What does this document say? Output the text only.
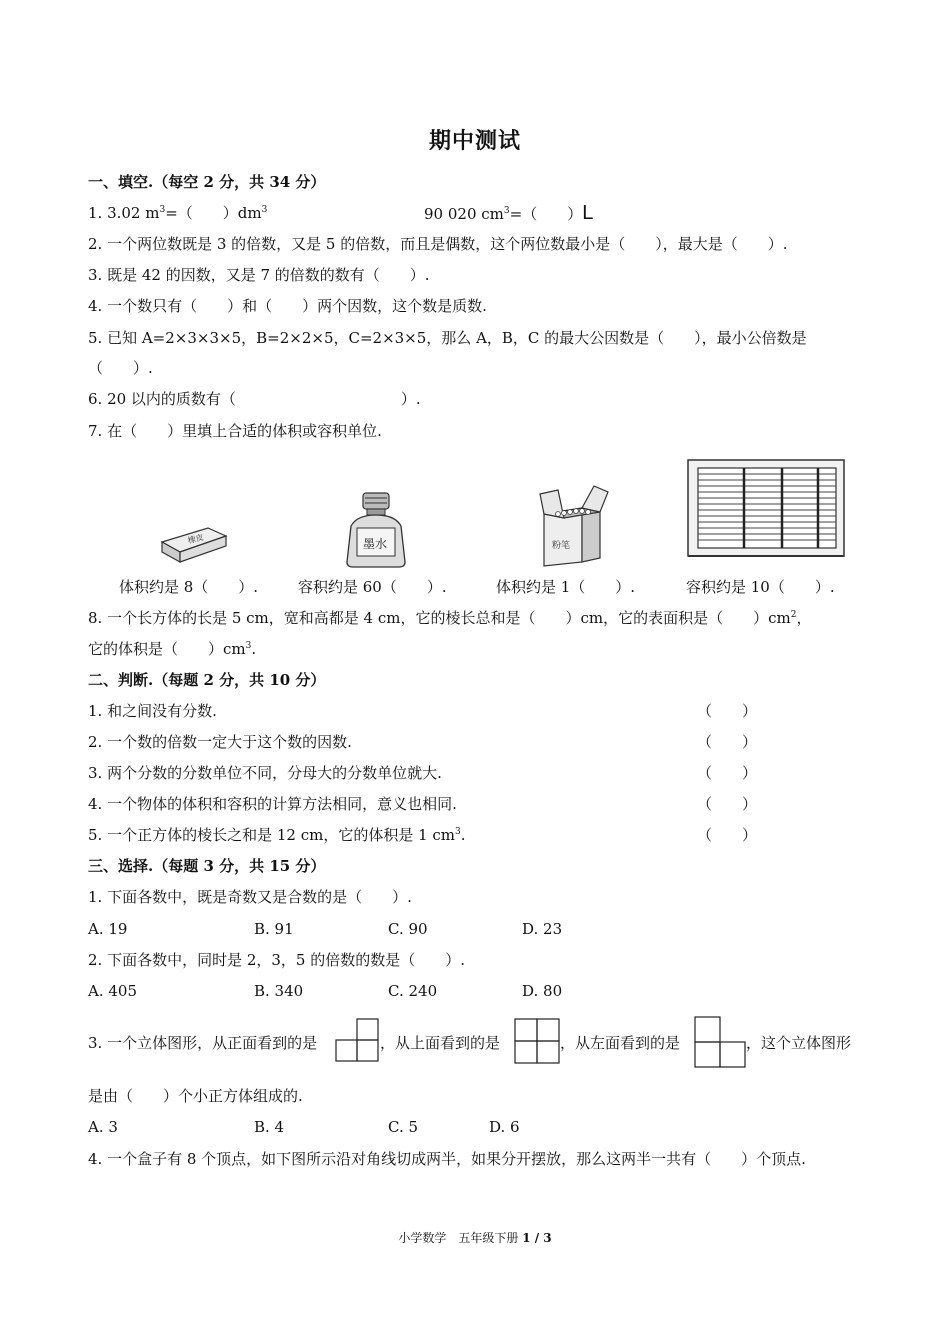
期中测试
一、填空.（每空 2 分，共 34 分）
1. 3.02 $m^3=$（　　）$dm^3$	90 020 $cm^3=$（　　）L
2. 一个两位数既是 3 的倍数，又是 5 的倍数，而且是偶数，这个两位数最小是（　　），最大是（　　）.
3. 既是 42 的因数，又是 7 的倍数的数有（　　）.
4. 一个数只有（　　）和（　　）两个因数，这个数是质数.
5. 已知 A=2×3×3×5，B=2×2×5，C=2×3×5，那么 A，B，C 的最大公因数是（　　），最小公倍数是
（　　）.
6. 20 以内的质数有（　　　　　　　　　　　）.
7. 在（　　）里填上合适的体积或容积单位.
橡皮	墨水	粉笔
体积约是 8（　　）.	容积约是 60（　　）.	体积约是 1（　　）.	容积约是 10（　　）.
8. 一个长方体的长是 5 cm，宽和高都是 4 cm，它的棱长总和是（　　）cm，它的表面积是（　　）$cm^2$，
它的体积是（　　）$cm^3$.
二、判断.（每题 2 分，共 10 分）
1. 和之间没有分数.	（　　）
2. 一个数的倍数一定大于这个数的因数.	（　　）
3. 两个分数的分数单位不同，分母大的分数单位就大.	（　　）
4. 一个物体的体积和容积的计算方法相同，意义也相同.	（　　）
5. 一个正方体的棱长之和是 12 cm，它的体积是 1 $cm^3$.	（　　）
三、选择.（每题 3 分，共 15 分）
1. 下面各数中，既是奇数又是合数的是（　　）.
A. 19	B. 91	C. 90	D. 23
2. 下面各数中，同时是 2，3，5 的倍数的数是（　　）.
A. 405	B. 340	C. 240	D. 80
3. 一个立体图形，从正面看到的是	，从上面看到的是	，从左面看到的是	，这个立体图形
是由（　　）个小正方体组成的.
A. 3	B. 4	C. 5	D. 6
4. 一个盒子有 8 个顶点，如下图所示沿对角线切成两半，如果分开摆放，那么这两半一共有（　　）个顶点.
小学数学　五年级下册 1 / 3
